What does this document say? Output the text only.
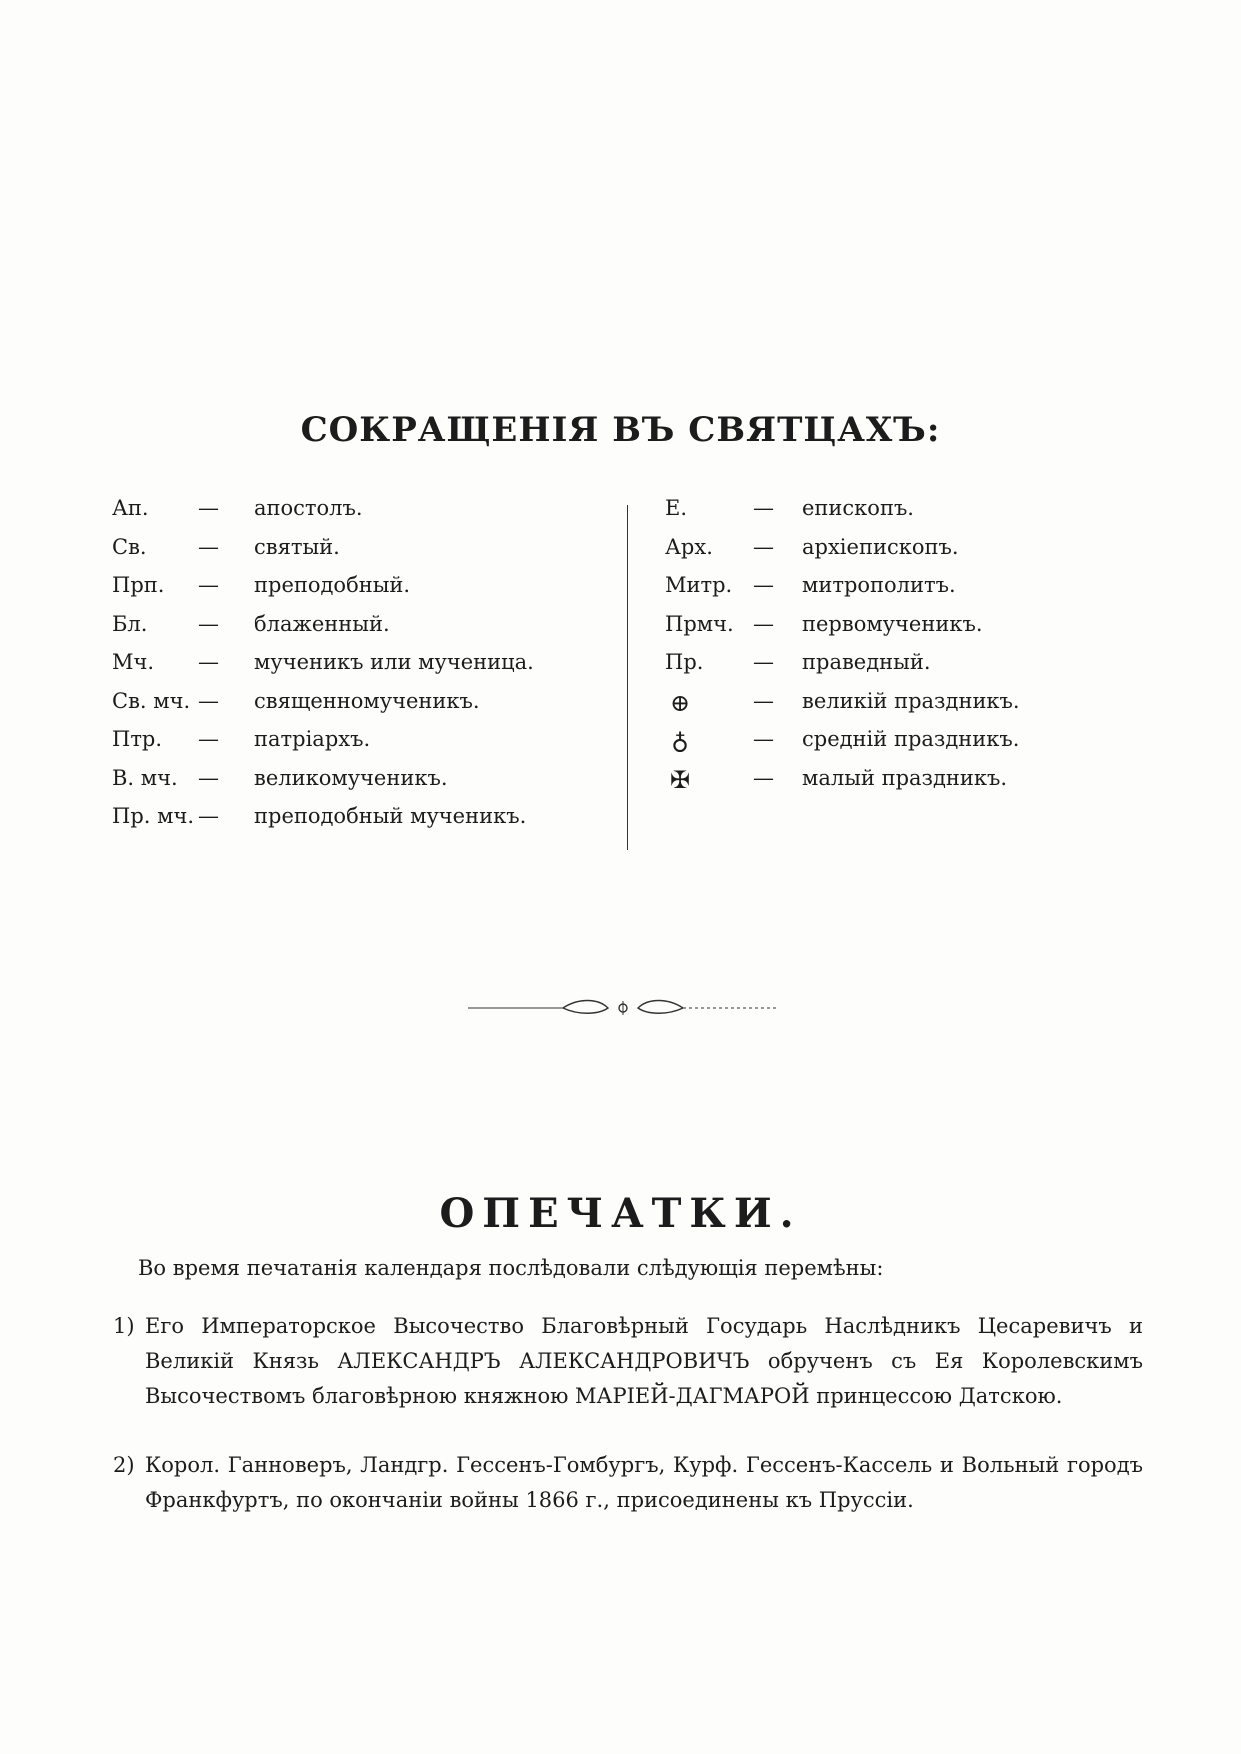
СОКРАЩЕНІЯ ВЪ СВЯТЦАХЪ:
Ап. — апостолъ.
Св. — святый.
Прп. — преподобный.
Бл. — блаженный.
Мч. — мученикъ или мученица.
Св. мч. — священномученикъ.
Птр. — патріархъ.
В. мч. — великомученикъ.
Пр. мч. — преподобный мученикъ.
Е.	— епископъ.
Арх. — архіепископъ.
Митр. — митрополитъ.
Прмч. — первомученикъ.
Пр. — праведный.
⊕	— великій праздникъ.
♁	— средній праздникъ.
✠	— малый праздникъ.
ОПЕЧАТКИ.
Во время печатанія календаря послѣдовали слѣдующія перемѣны:
1) Его Императорское Высочество Благовѣрный Государь Наслѣдникъ Цесаревичъ и Великій Князь АЛЕКСАНДРЪ АЛЕКСАНДРОВИЧЪ обрученъ съ Ея Королевскимъ Высочествомъ благовѣрною княжною МАРІЕЙ-ДАГМАРОЙ принцессою Датскою.
2) Корол. Ганноверъ, Ландгр. Гессенъ-Гомбургъ, Курф. Гессенъ-Кассель и Вольный городъ Франкфуртъ, по окончаніи войны 1866 г., присоединены къ Пруссіи.
